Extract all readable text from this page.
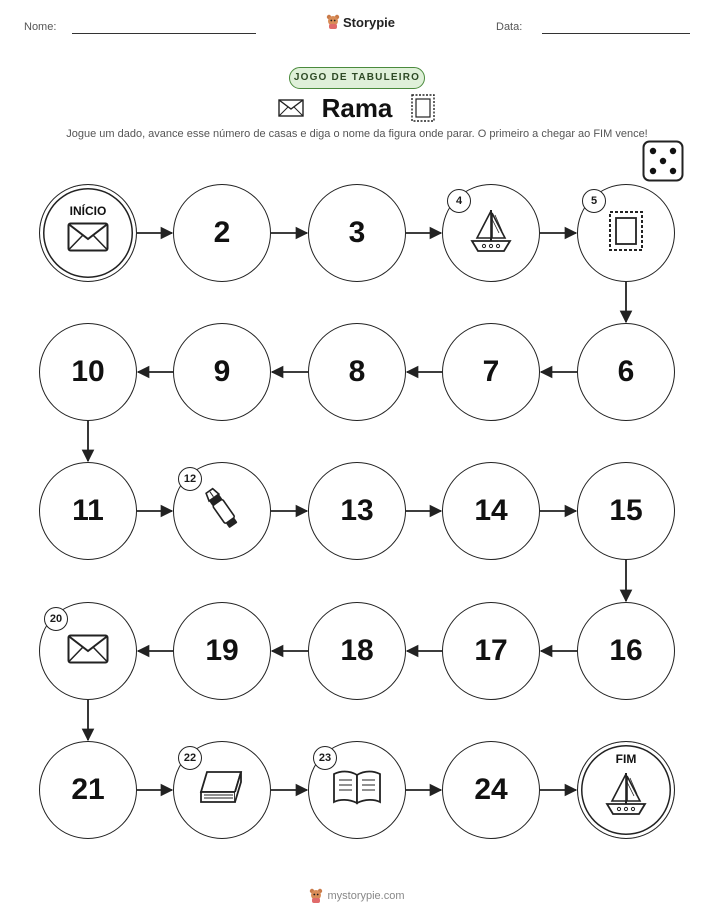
Nome:	Storypie	Data:
JOGO DE TABULEIRO
Rama
Jogue um dado, avance esse número de casas e diga o nome da figura onde parar. O primeiro a chegar ao FIM vence!
INÍCIO
2	3
4	5
6
7
8
9
10
11
12
13	14	15
16
17
18
19
20
21
22	23
24
FIM
mystorypie.com
